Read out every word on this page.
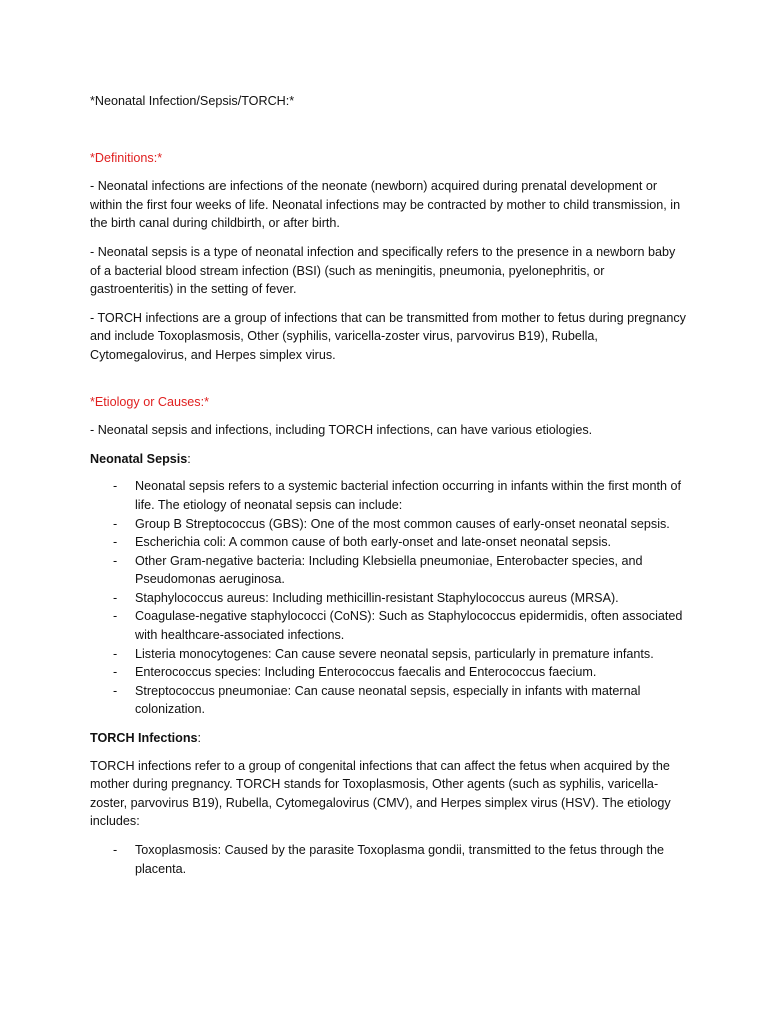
*Neonatal Infection/Sepsis/TORCH:*

*Definitions:*

- Neonatal infections are infections of the neonate (newborn) acquired during prenatal development or within the first four weeks of life. Neonatal infections may be contracted by mother to child transmission, in the birth canal during childbirth, or after birth.

- Neonatal sepsis is a type of neonatal infection and specifically refers to the presence in a newborn baby of a bacterial blood stream infection (BSI) (such as meningitis, pneumonia, pyelonephritis, or gastroenteritis) in the setting of fever.

- TORCH infections are a group of infections that can be transmitted from mother to fetus during pregnancy and include Toxoplasmosis, Other (syphilis, varicella-zoster virus, parvovirus B19), Rubella, Cytomegalovirus, and Herpes simplex virus.

*Etiology or Causes:*

- Neonatal sepsis and infections, including TORCH infections, can have various etiologies.

Neonatal Sepsis:

- Neonatal sepsis refers to a systemic bacterial infection occurring in infants within the first month of life. The etiology of neonatal sepsis can include:
- Group B Streptococcus (GBS): One of the most common causes of early-onset neonatal sepsis.
- Escherichia coli: A common cause of both early-onset and late-onset neonatal sepsis.
- Other Gram-negative bacteria: Including Klebsiella pneumoniae, Enterobacter species, and Pseudomonas aeruginosa.
- Staphylococcus aureus: Including methicillin-resistant Staphylococcus aureus (MRSA).
- Coagulase-negative staphylococci (CoNS): Such as Staphylococcus epidermidis, often associated with healthcare-associated infections.
- Listeria monocytogenes: Can cause severe neonatal sepsis, particularly in premature infants.
- Enterococcus species: Including Enterococcus faecalis and Enterococcus faecium.
- Streptococcus pneumoniae: Can cause neonatal sepsis, especially in infants with maternal colonization.

TORCH Infections:

TORCH infections refer to a group of congenital infections that can affect the fetus when acquired by the mother during pregnancy. TORCH stands for Toxoplasmosis, Other agents (such as syphilis, varicella-zoster, parvovirus B19), Rubella, Cytomegalovirus (CMV), and Herpes simplex virus (HSV). The etiology includes:

- Toxoplasmosis: Caused by the parasite Toxoplasma gondii, transmitted to the fetus through the placenta.
